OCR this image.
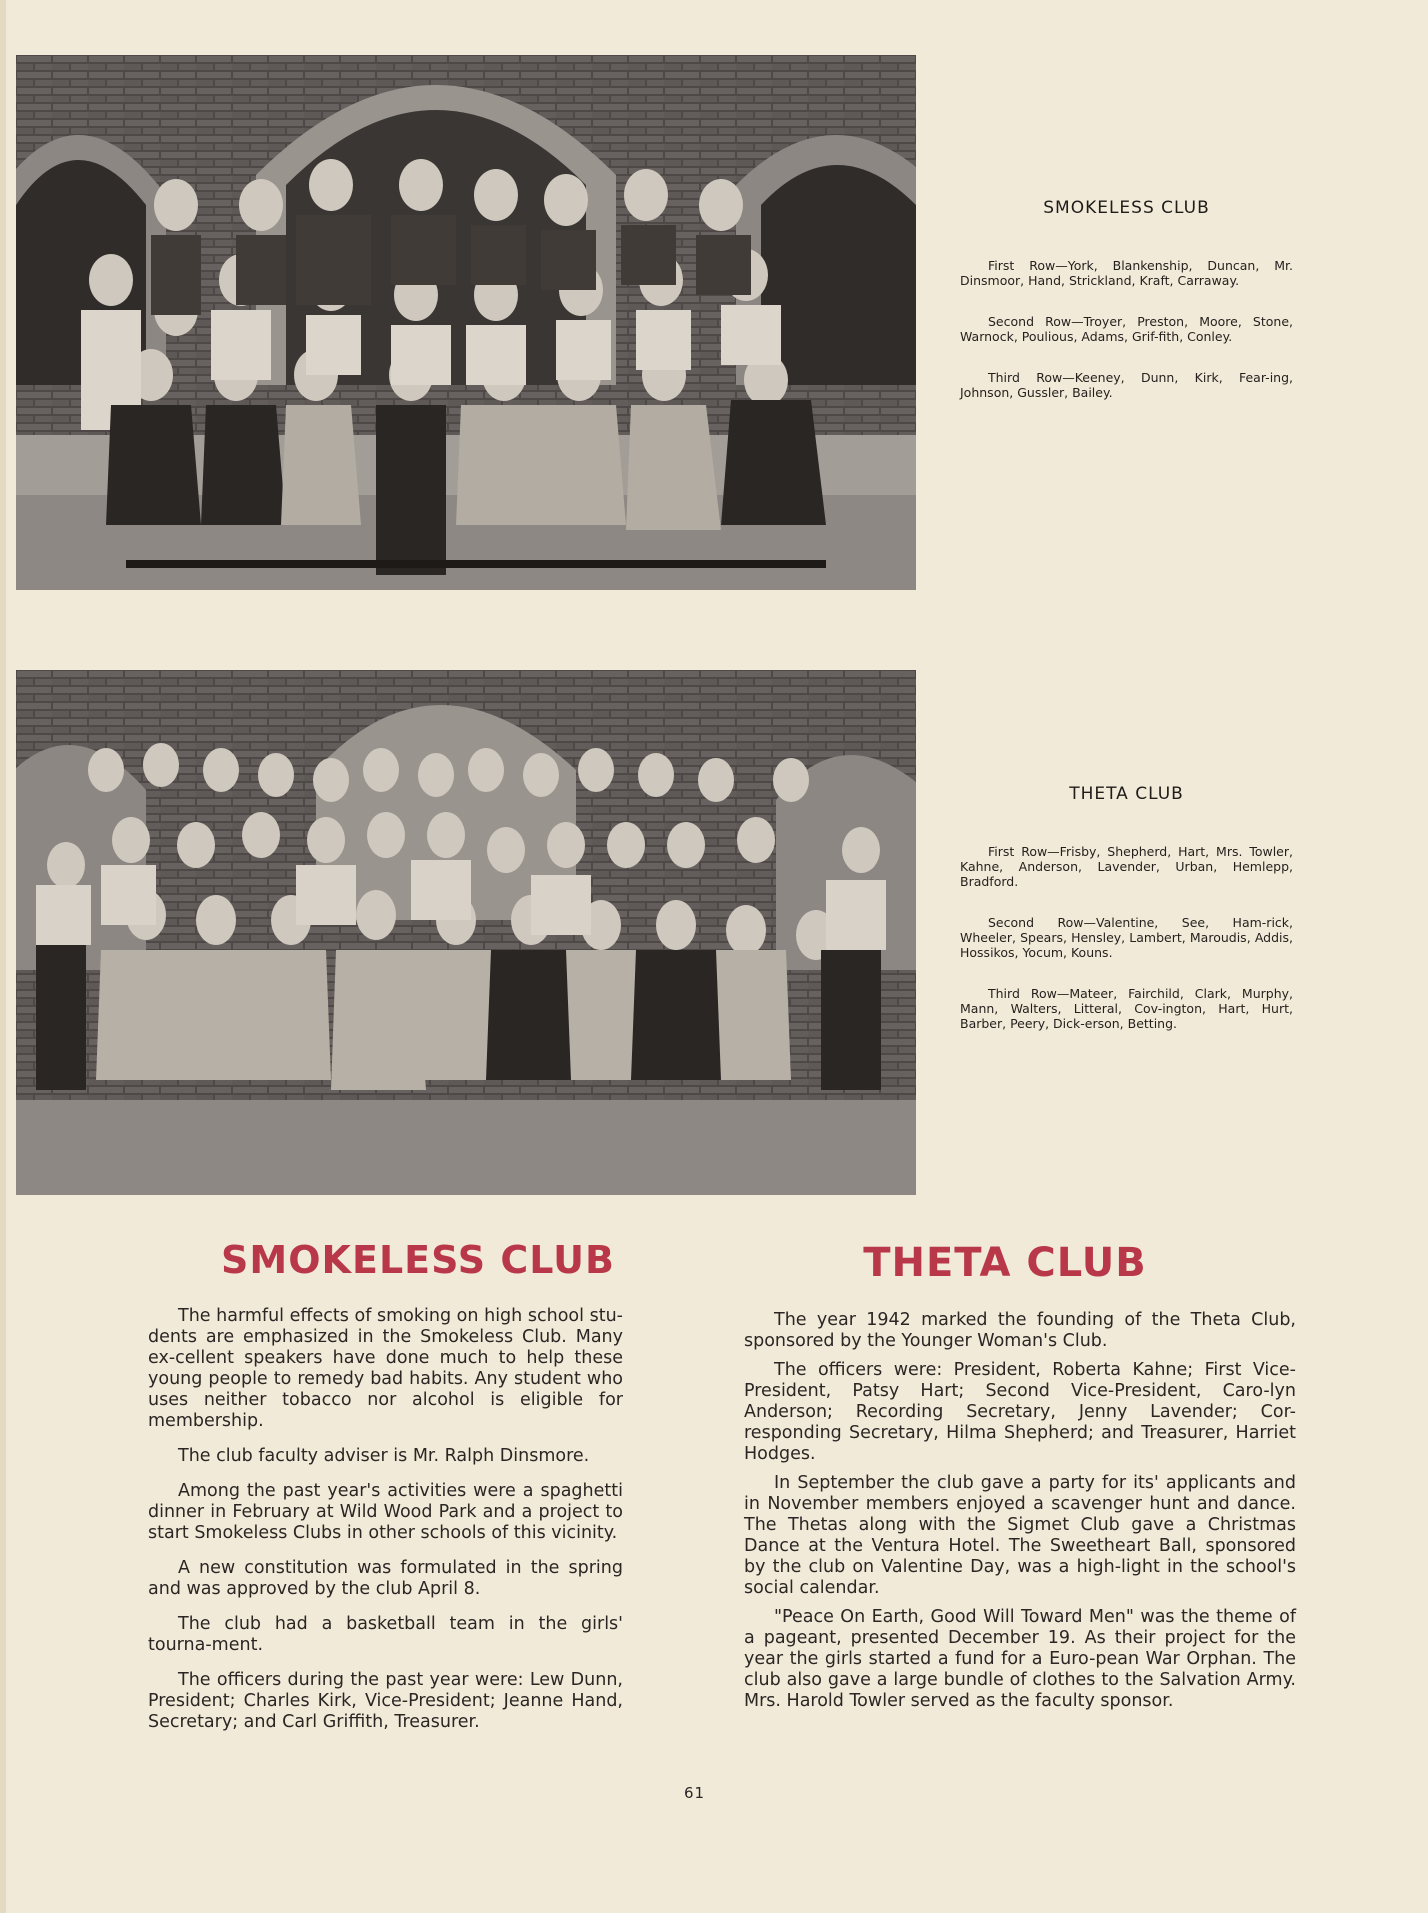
SMOKELESS CLUB

First Row—York, Blankenship, Duncan, Mr. Dinsmoor, Hand, Strickland, Kraft, Carraway.

Second Row—Troyer, Preston, Moore, Stone, Warnock, Poulious, Adams, Grif-fith, Conley.

Third Row—Keeney, Dunn, Kirk, Fear-ing, Johnson, Gussler, Bailey.

THETA CLUB

First Row—Frisby, Shepherd, Hart, Mrs. Towler, Kahne, Anderson, Lavender, Urban, Hemlepp, Bradford.

Second Row—Valentine, See, Ham-rick, Wheeler, Spears, Hensley, Lambert, Maroudis, Addis, Hossikos, Yocum, Kouns.

Third Row—Mateer, Fairchild, Clark, Murphy, Mann, Walters, Litteral, Cov-ington, Hart, Hurt, Barber, Peery, Dick-erson, Betting.

SMOKELESS CLUB

The harmful effects of smoking on high school stu-dents are emphasized in the Smokeless Club. Many ex-cellent speakers have done much to help these young people to remedy bad habits. Any student who uses neither tobacco nor alcohol is eligible for membership.

The club faculty adviser is Mr. Ralph Dinsmore.

Among the past year's activities were a spaghetti dinner in February at Wild Wood Park and a project to start Smokeless Clubs in other schools of this vicinity.

A new constitution was formulated in the spring and was approved by the club April 8.

The club had a basketball team in the girls' tourna-ment.

The officers during the past year were: Lew Dunn, President; Charles Kirk, Vice-President; Jeanne Hand, Secretary; and Carl Griffith, Treasurer.

THETA CLUB

The year 1942 marked the founding of the Theta Club, sponsored by the Younger Woman's Club.

The officers were: President, Roberta Kahne; First Vice-President, Patsy Hart; Second Vice-President, Caro-lyn Anderson; Recording Secretary, Jenny Lavender; Cor-responding Secretary, Hilma Shepherd; and Treasurer, Harriet Hodges.

In September the club gave a party for its' applicants and in November members enjoyed a scavenger hunt and dance. The Thetas along with the Sigmet Club gave a Christmas Dance at the Ventura Hotel. The Sweetheart Ball, sponsored by the club on Valentine Day, was a high-light in the school's social calendar.

"Peace On Earth, Good Will Toward Men" was the theme of a pageant, presented December 19. As their project for the year the girls started a fund for a Euro-pean War Orphan. The club also gave a large bundle of clothes to the Salvation Army. Mrs. Harold Towler served as the faculty sponsor.

61
